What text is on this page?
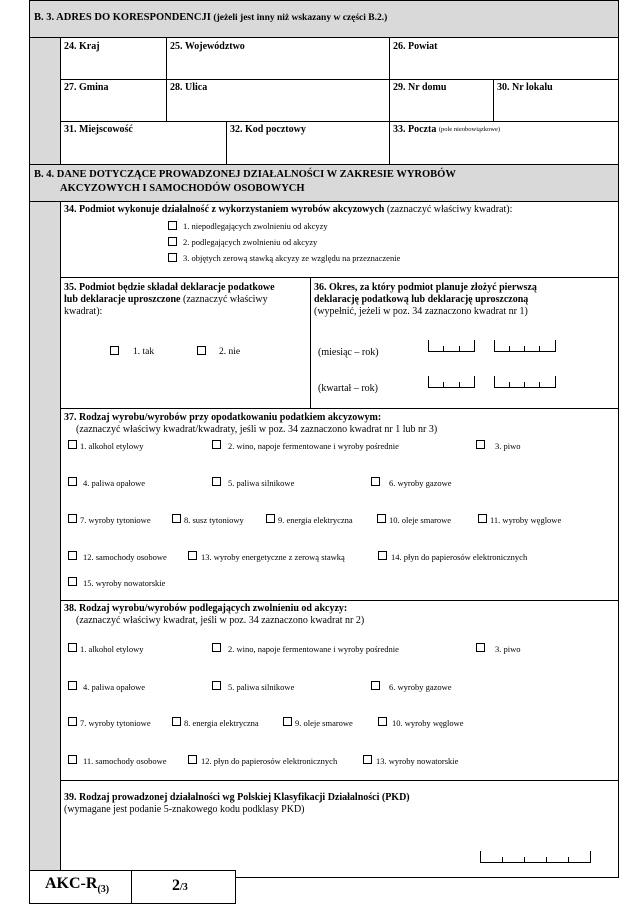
B. 3. ADRES DO KORESPONDENCJI (jeżeli jest inny niż wskazany w części B.2.)
24. Kraj	25. Województwo	26. Powiat
27. Gmina	28. Ulica	29. Nr domu	30. Nr lokalu
31. Miejscowość	32. Kod pocztowy	33. Poczta $^{(pole nieobowiązkowe)}$
B. 4. DANE DOTYCZĄCE PROWADZONEJ DZIAŁALNOŚCI W ZAKRESIE WYROBÓW
AKCYZOWYCH I SAMOCHODÓW OSOBOWYCH
34. Podmiot wykonuje działalność z wykorzystaniem wyrobów akcyzowych (zaznaczyć właściwy kwadrat):
1. niepodlegających zwolnieniu od akcyzy
2. podlegających zwolnieniu od akcyzy
3. objętych zerową stawką akcyzy ze względu na przeznaczenie
35. Podmiot będzie składał deklaracje podatkowe
lub deklaracje uproszczone (zaznaczyć właściwy
kwadrat):
1. tak	2. nie
36. Okres, za który podmiot planuje złożyć pierwszą
deklarację podatkową lub deklarację uproszczoną
(wypełnić, jeżeli w poz. 34 zaznaczono kwadrat nr 1)
(miesiąc – rok)
(kwartał – rok)
37. Rodzaj wyrobu/wyrobów przy opodatkowaniu podatkiem akcyzowym:
(zaznaczyć właściwy kwadrat/kwadraty, jeśli w poz. 34 zaznaczono kwadrat nr 1 lub nr 3)
1. alkohol etylowy	2. wino, napoje fermentowane i wyroby pośrednie	3. piwo
4. paliwa opałowe	5. paliwa silnikowe	6. wyroby gazowe
7. wyroby tytoniowe	8. susz tytoniowy	9. energia elektryczna	10. oleje smarowe	11. wyroby węglowe
12. samochody osobowe	13. wyroby energetyczne z zerową stawką	14. płyn do papierosów elektronicznych
15. wyroby nowatorskie
38. Rodzaj wyrobu/wyrobów podlegających zwolnieniu od akcyzy:
(zaznaczyć właściwy kwadrat, jeśli w poz. 34 zaznaczono kwadrat nr 2)
1. alkohol etylowy	2. wino, napoje fermentowane i wyroby pośrednie	3. piwo
4. paliwa opałowe	5. paliwa silnikowe	6. wyroby gazowe
7. wyroby tytoniowe	8. energia elektryczna	9. oleje smarowe	10. wyroby węglowe
11. samochody osobowe	12. płyn do papierosów elektronicznych	13. wyroby nowatorskie
39. Rodzaj prowadzonej działalności wg Polskiej Klasyfikacji Działalności (PKD)
(wymagane jest podanie 5-znakowego kodu podklasy PKD)
AKC-$R_{(3)}$	2/3
